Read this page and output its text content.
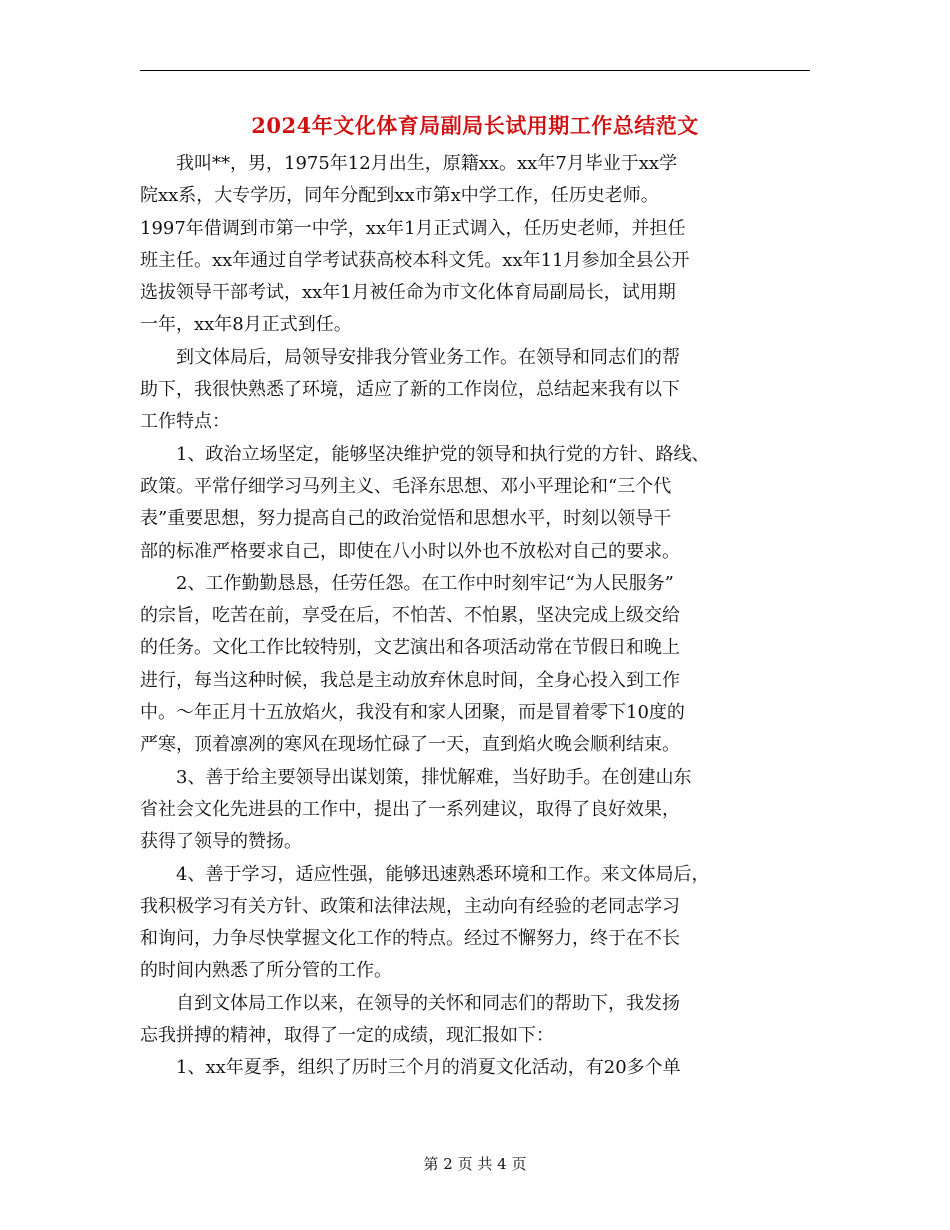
2024年文化体育局副局长试用期工作总结范文
我叫**，男，1975年12月出生，原籍xx。xx年7月毕业于xx学
院xx系，大专学历，同年分配到xx市第x中学工作，任历史老师。
1997年借调到市第一中学，xx年1月正式调入，任历史老师，并担任
班主任。xx年通过自学考试获高校本科文凭。xx年11月参加全县公开
选拔领导干部考试，xx年1月被任命为市文化体育局副局长，试用期
一年，xx年8月正式到任。
到文体局后，局领导安排我分管业务工作。在领导和同志们的帮
助下，我很快熟悉了环境，适应了新的工作岗位，总结起来我有以下
工作特点：
1、政治立场坚定，能够坚决维护党的领导和执行党的方针、路线、
政策。平常仔细学习马列主义、毛泽东思想、邓小平理论和“三个代
表”重要思想，努力提高自己的政治觉悟和思想水平，时刻以领导干
部的标准严格要求自己，即使在八小时以外也不放松对自己的要求。
2、工作勤勤恳恳，任劳任怨。在工作中时刻牢记“为人民服务”
的宗旨，吃苦在前，享受在后，不怕苦、不怕累，坚决完成上级交给
的任务。文化工作比较特别，文艺演出和各项活动常在节假日和晚上
进行，每当这种时候，我总是主动放弃休息时间，全身心投入到工作
中。～年正月十五放焰火，我没有和家人团聚，而是冒着零下10度的
严寒，顶着凛冽的寒风在现场忙碌了一天，直到焰火晚会顺利结束。
3、善于给主要领导出谋划策，排忧解难，当好助手。在创建山东
省社会文化先进县的工作中，提出了一系列建议，取得了良好效果，
获得了领导的赞扬。
4、善于学习，适应性强，能够迅速熟悉环境和工作。来文体局后，
我积极学习有关方针、政策和法律法规，主动向有经验的老同志学习
和询问，力争尽快掌握文化工作的特点。经过不懈努力，终于在不长
的时间内熟悉了所分管的工作。
自到文体局工作以来，在领导的关怀和同志们的帮助下，我发扬
忘我拼搏的精神，取得了一定的成绩，现汇报如下：
1、xx年夏季，组织了历时三个月的消夏文化活动，有20多个单
第 2 页 共 4 页
